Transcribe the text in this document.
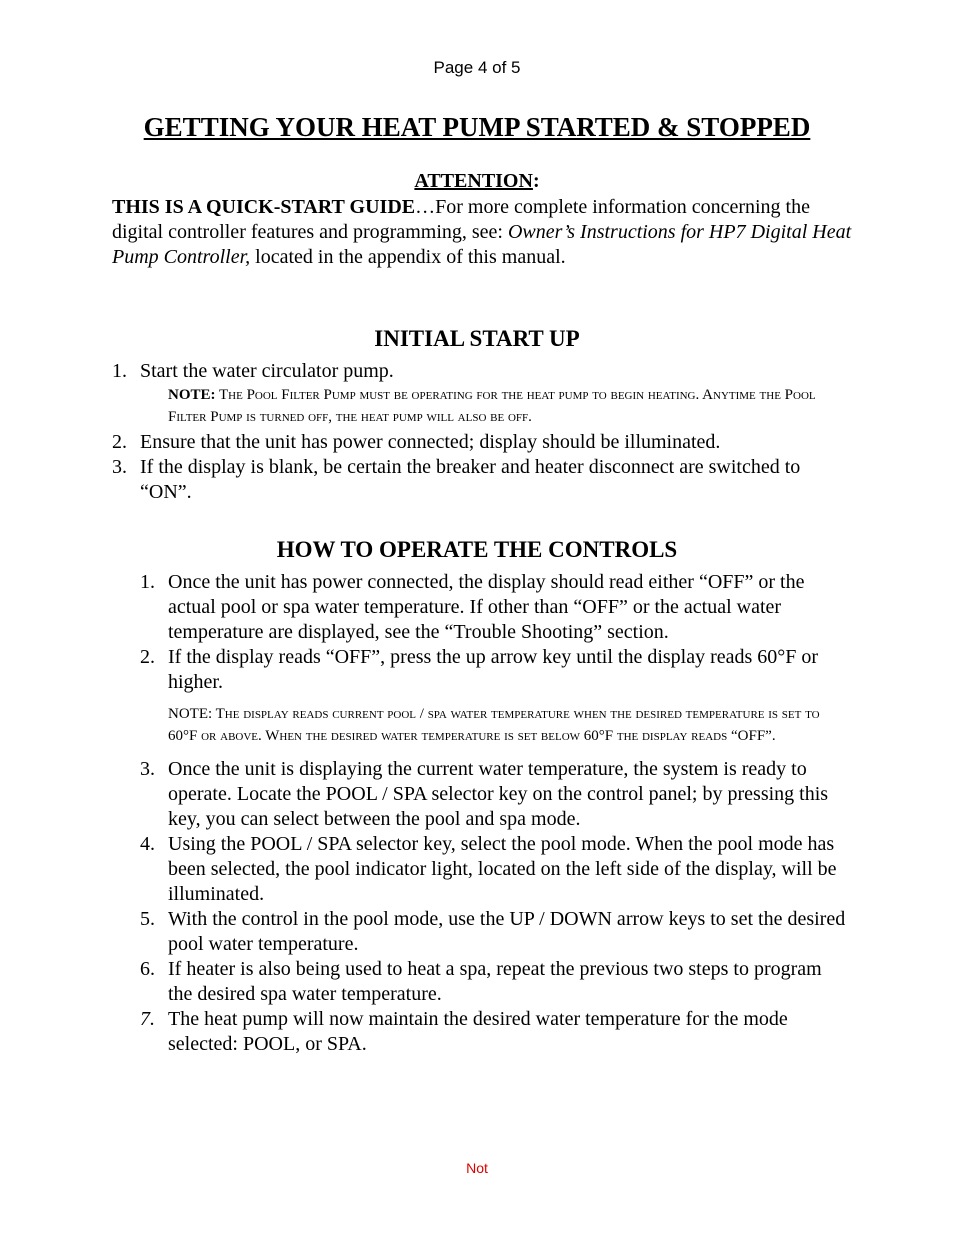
Page 4 of 5
GETTING YOUR HEAT PUMP STARTED & STOPPED
ATTENTION:
THIS IS A QUICK-START GUIDE…For more complete information concerning the digital controller features and programming, see: Owner’s Instructions for HP7 Digital Heat Pump Controller, located in the appendix of this manual.
INITIAL START UP
1. Start the water circulator pump.
NOTE: The Pool Filter Pump must be operating for the heat pump to begin heating. Anytime the Pool Filter Pump is turned off, the heat pump will also be off.
2. Ensure that the unit has power connected; display should be illuminated.
3. If the display is blank, be certain the breaker and heater disconnect are switched to “ON”.
HOW TO OPERATE THE CONTROLS
1. Once the unit has power connected, the display should read either “OFF” or the actual pool or spa water temperature. If other than “OFF” or the actual water temperature are displayed, see the “Trouble Shooting” section.
2. If the display reads “OFF”, press the up arrow key until the display reads 60°F or higher.
NOTE: The display reads current pool / spa water temperature when the desired temperature is set to 60°F or above. When the desired water temperature is set below 60°F the display reads “OFF”.
3. Once the unit is displaying the current water temperature, the system is ready to operate. Locate the POOL / SPA selector key on the control panel; by pressing this key, you can select between the pool and spa mode.
4. Using the POOL / SPA selector key, select the pool mode. When the pool mode has been selected, the pool indicator light, located on the left side of the display, will be illuminated.
5. With the control in the pool mode, use the UP / DOWN arrow keys to set the desired pool water temperature.
6. If heater is also being used to heat a spa, repeat the previous two steps to program the desired spa water temperature.
7. The heat pump will now maintain the desired water temperature for the mode selected: POOL, or SPA.
Not
